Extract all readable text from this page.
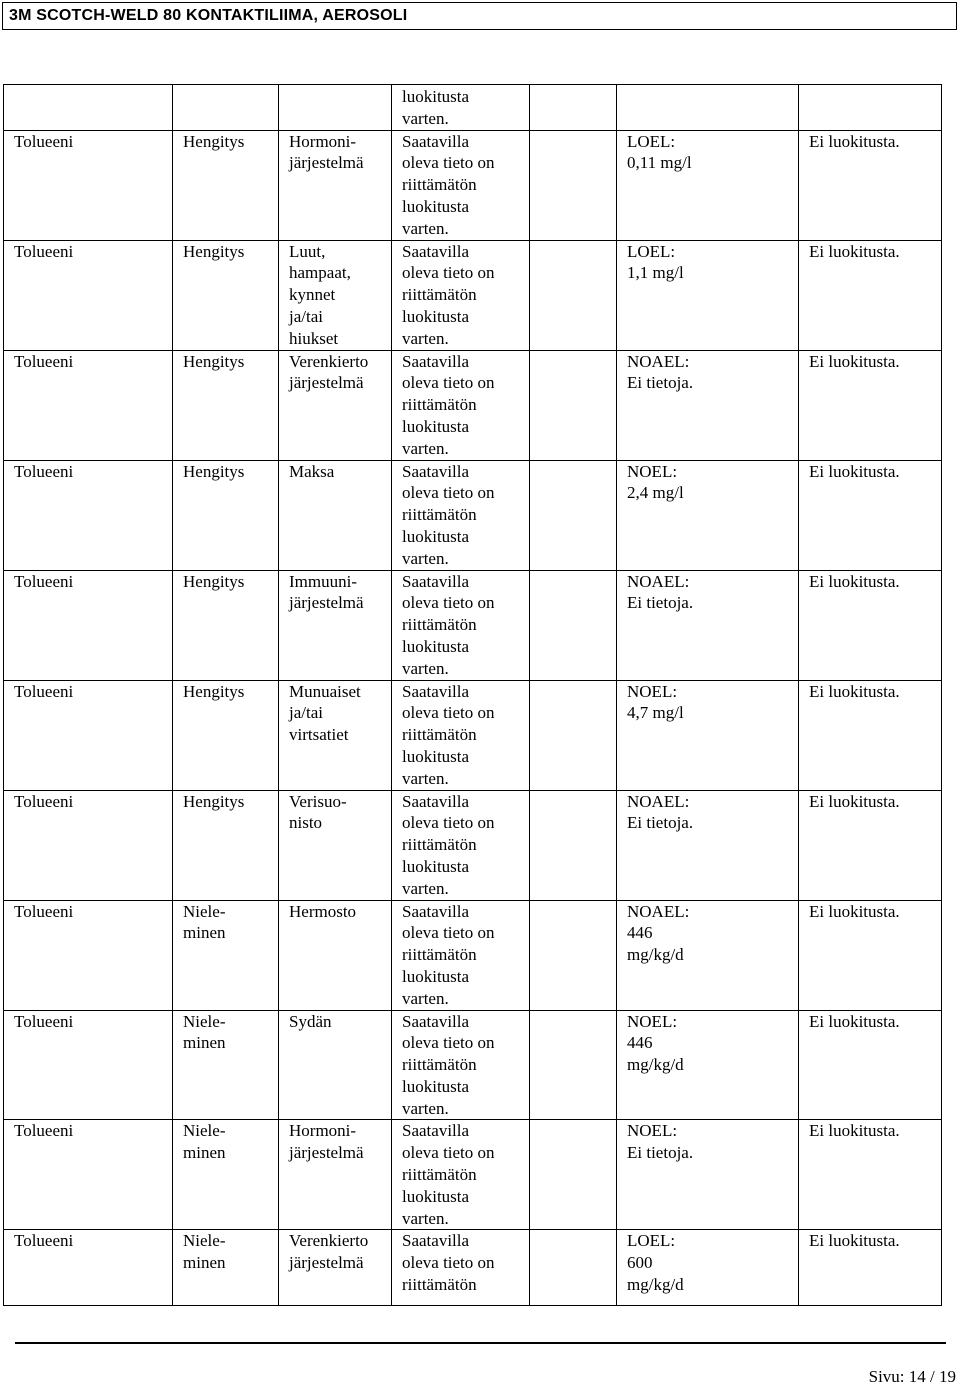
3M SCOTCH-WELD 80 KONTAKTILIIMA, AEROSOLI
			luokitusta
varten.			
Tolueeni	Hengitys	Hormoni-
järjestelmä	Saatavilla
oleva tieto on
riittämätön
luokitusta
varten.		LOEL:
0,11 mg/l	Ei luokitusta.
Tolueeni	Hengitys	Luut,
hampaat,
kynnet
ja/tai
hiukset	Saatavilla
oleva tieto on
riittämätön
luokitusta
varten.		LOEL:
1,1 mg/l	Ei luokitusta.
Tolueeni	Hengitys	Verenkierto
järjestelmä	Saatavilla
oleva tieto on
riittämätön
luokitusta
varten.		NOAEL:
Ei tietoja.	Ei luokitusta.
Tolueeni	Hengitys	Maksa	Saatavilla
oleva tieto on
riittämätön
luokitusta
varten.		NOEL:
2,4 mg/l	Ei luokitusta.
Tolueeni	Hengitys	Immuuni-
järjestelmä	Saatavilla
oleva tieto on
riittämätön
luokitusta
varten.		NOAEL:
Ei tietoja.	Ei luokitusta.
Tolueeni	Hengitys	Munuaiset
ja/tai
virtsatiet	Saatavilla
oleva tieto on
riittämätön
luokitusta
varten.		NOEL:
4,7 mg/l	Ei luokitusta.
Tolueeni	Hengitys	Verisuo-
nisto	Saatavilla
oleva tieto on
riittämätön
luokitusta
varten.		NOAEL:
Ei tietoja.	Ei luokitusta.
Tolueeni	Niele-
minen	Hermosto	Saatavilla
oleva tieto on
riittämätön
luokitusta
varten.		NOAEL:
446
mg/kg/d	Ei luokitusta.
Tolueeni	Niele-
minen	Sydän	Saatavilla
oleva tieto on
riittämätön
luokitusta
varten.		NOEL:
446
mg/kg/d	Ei luokitusta.
Tolueeni	Niele-
minen	Hormoni-
järjestelmä	Saatavilla
oleva tieto on
riittämätön
luokitusta
varten.		NOEL:
Ei tietoja.	Ei luokitusta.
Tolueeni	Niele-
minen	Verenkierto
järjestelmä	Saatavilla
oleva tieto on
riittämätön		LOEL:
600
mg/kg/d	Ei luokitusta.
Sivu: 14 / 19
